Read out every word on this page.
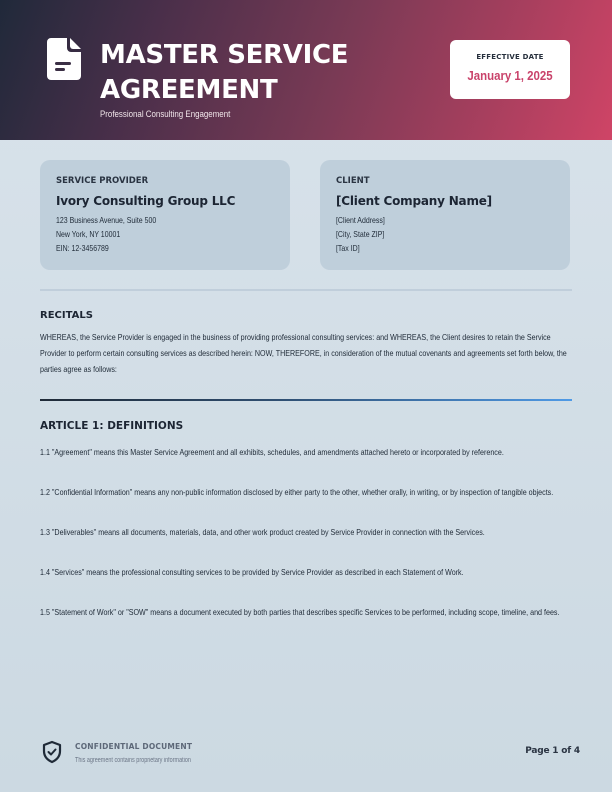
MASTER SERVICE
AGREEMENT
Professional Consulting Engagement
EFFECTIVE DATE
January 1, 2025
SERVICE PROVIDER
Ivory Consulting Group LLC
123 Business Avenue, Suite 500
New York, NY 10001
EIN: 12-3456789
CLIENT
[Client Company Name]
[Client Address]
[City, State ZIP]
[Tax ID]
RECITALS
WHEREAS, the Service Provider is engaged in the business of providing professional consulting services: and WHEREAS, the Client desires to retain the Service Provider to perform certain consulting services as described herein: NOW, THEREFORE, in consideration of the mutual covenants and agreements set forth below, the parties agree as follows:
ARTICLE 1: DEFINITIONS
1.1 "Agreement" means this Master Service Agreement and all exhibits, schedules, and amendments attached hereto or incorporated by reference.
1.2 "Confidential Information" means any non-public information disclosed by either party to the other, whether orally, in writing, or by inspection of tangible objects.
1.3 "Deliverables" means all documents, materials, data, and other work product created by Service Provider in connection with the Services.
1.4 "Services" means the professional consulting services to be provided by Service Provider as described in each Statement of Work.
1.5 "Statement of Work" or "SOW" means a document executed by both parties that describes specific Services to be performed, including scope, timeline, and fees.
CONFIDENTIAL DOCUMENT
This agreement contains proprietary information
Page 1 of 4
